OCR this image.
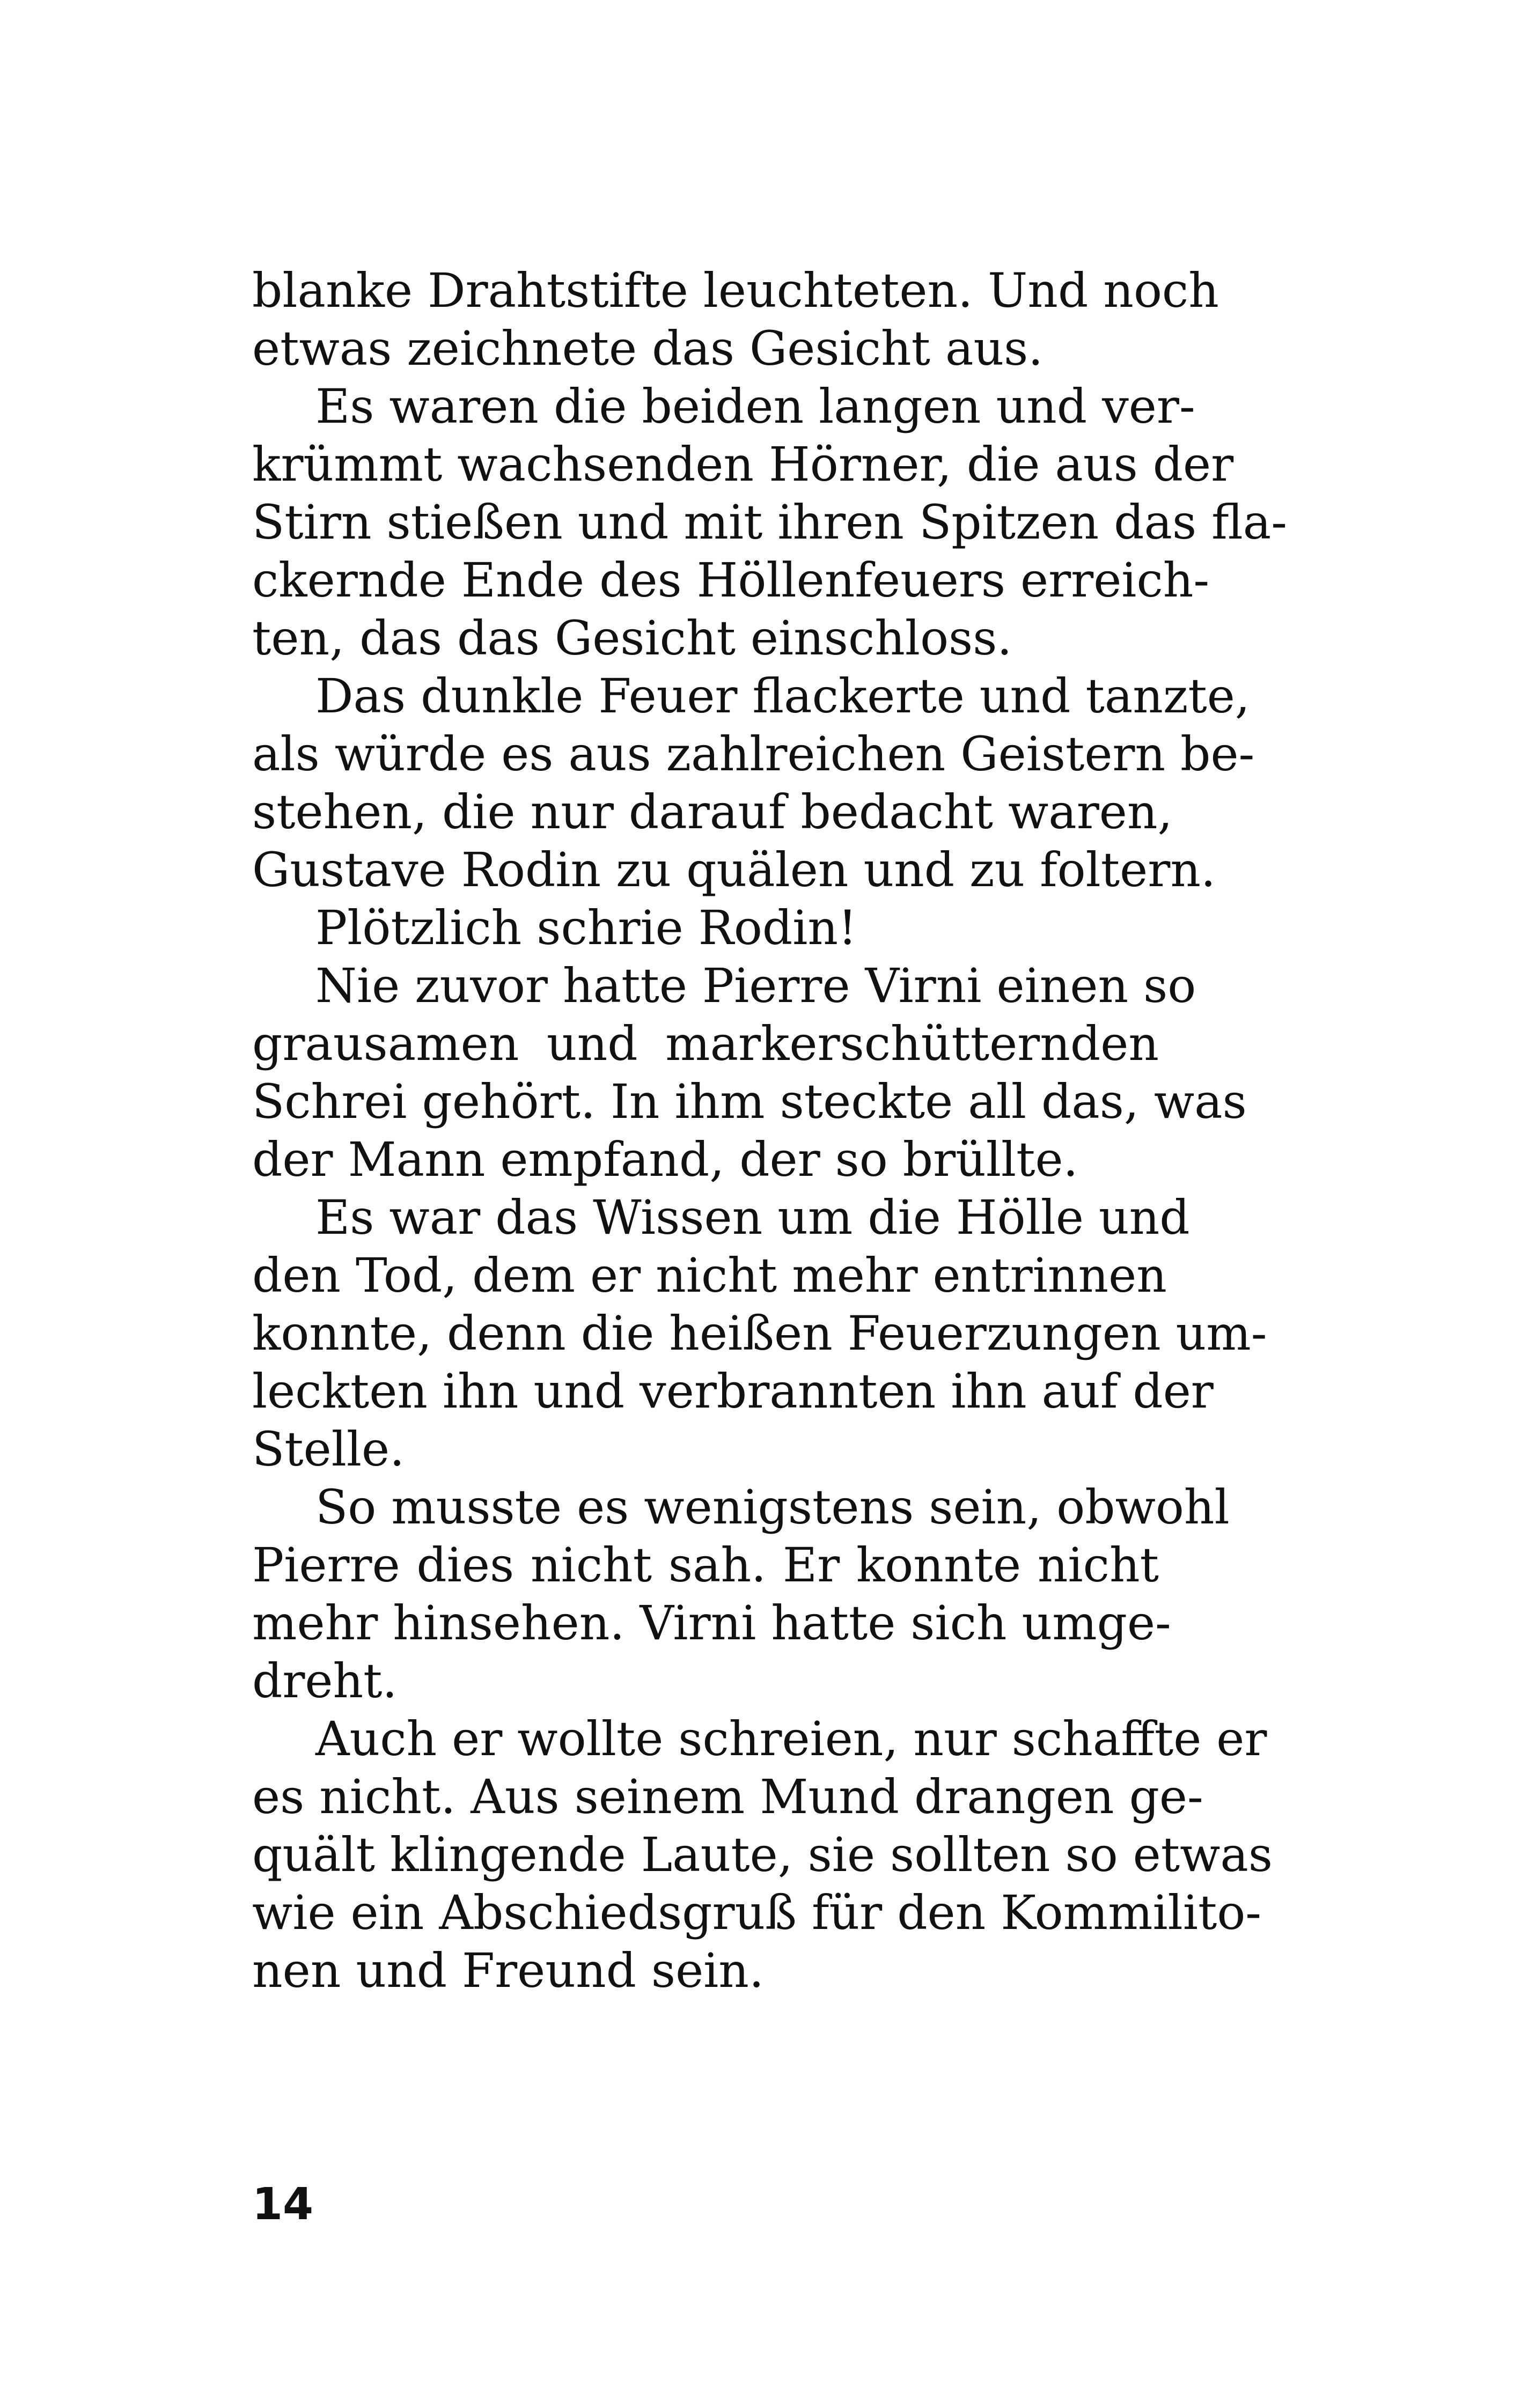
blanke Drahtstifte leuchteten. Und noch
etwas zeichnete das Gesicht aus.
Es waren die beiden langen und ver-
krümmt wachsenden Hörner, die aus der
Stirn stießen und mit ihren Spitzen das fla-
ckernde Ende des Höllenfeuers erreich-
ten, das das Gesicht einschloss.
Das dunkle Feuer flackerte und tanzte,
als würde es aus zahlreichen Geistern be-
stehen, die nur darauf bedacht waren,
Gustave Rodin zu quälen und zu foltern.
Plötzlich schrie Rodin!
Nie zuvor hatte Pierre Virni einen so
grausamen und markerschütternden
Schrei gehört. In ihm steckte all das, was
der Mann empfand, der so brüllte.
Es war das Wissen um die Hölle und
den Tod, dem er nicht mehr entrinnen
konnte, denn die heißen Feuerzungen um-
leckten ihn und verbrannten ihn auf der
Stelle.
So musste es wenigstens sein, obwohl
Pierre dies nicht sah. Er konnte nicht
mehr hinsehen. Virni hatte sich umge-
dreht.
Auch er wollte schreien, nur schaffte er
es nicht. Aus seinem Mund drangen ge-
quält klingende Laute, sie sollten so etwas
wie ein Abschiedsgruß für den Kommilito-
nen und Freund sein.
14
